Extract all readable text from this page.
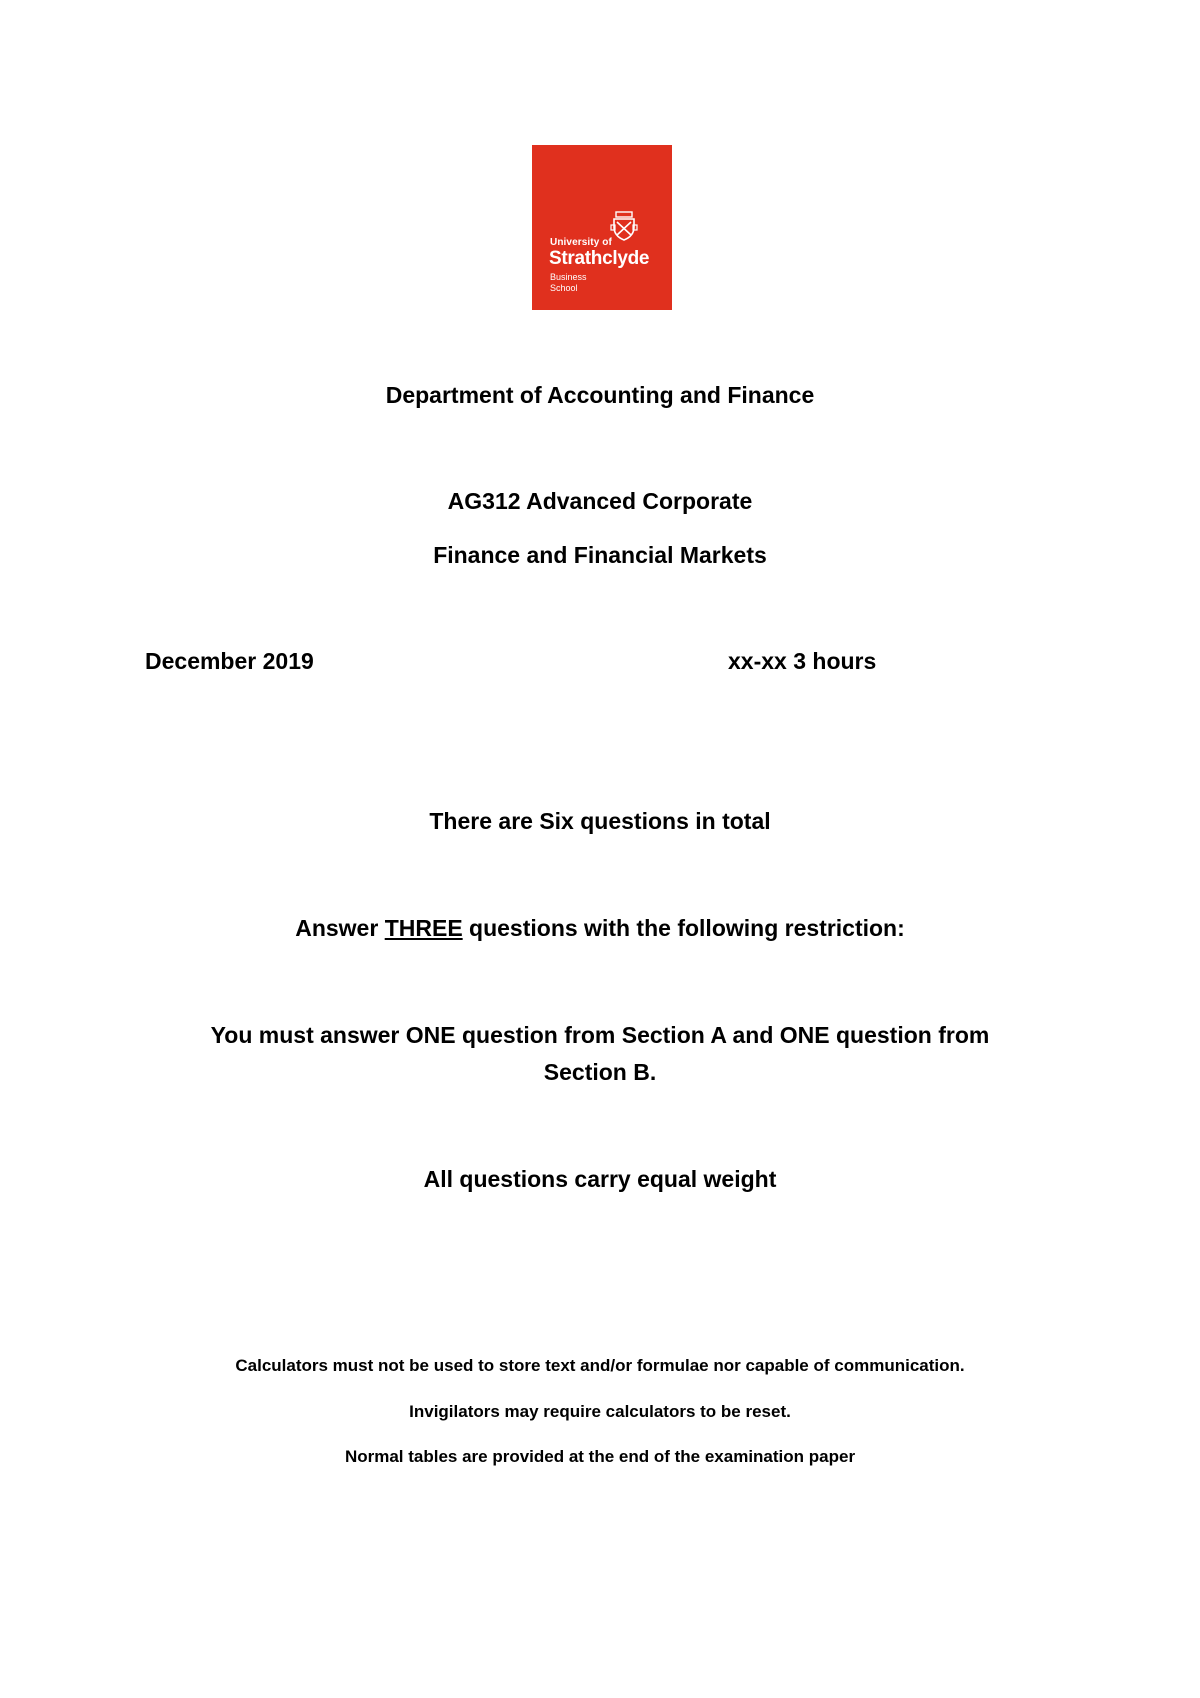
University of
Strathclyde
Business
School
Department of Accounting and Finance
AG312 Advanced Corporate
Finance and Financial Markets
December 2019	xx-xx 3 hours
There are Six questions in total
Answer THREE questions with the following restriction:
You must answer ONE question from Section A and ONE question from
Section B.
All questions carry equal weight
Calculators must not be used to store text and/or formulae nor capable of communication.
Invigilators may require calculators to be reset.
Normal tables are provided at the end of the examination paper
